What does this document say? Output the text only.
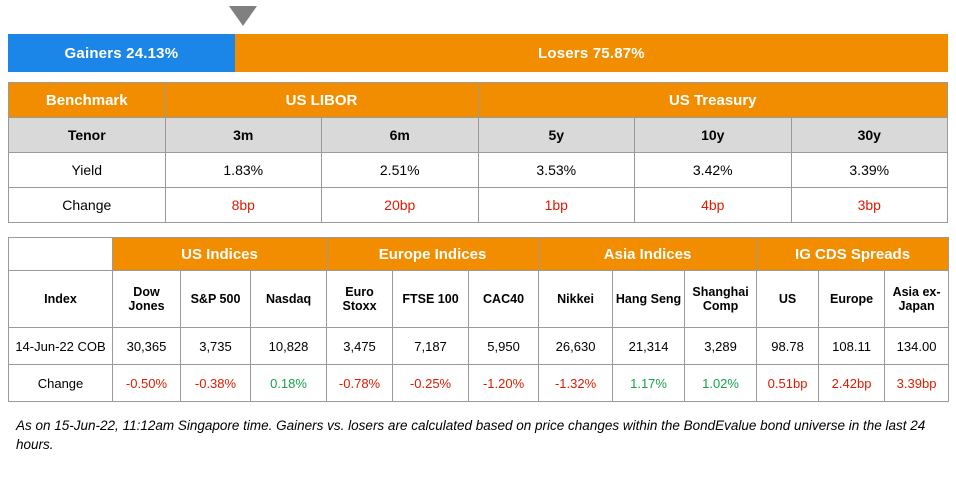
Gainers 24.13%	Losers 75.87%
Benchmark	US LIBOR		US Treasury		
Tenor	3m	6m	5y	10y	30y
Yield	1.83%	2.51%	3.53%	3.42%	3.39%
Change	8bp	20bp	1bp	4bp	3bp
	US Indices			Europe Indices			Asia Indices			IG CDS Spreads		
Index	Dow Jones	S&P 500	Nasdaq	Euro Stoxx	FTSE 100	CAC40	Nikkei	Hang Seng	Shanghai Comp	US	Europe	Asia ex-Japan
14-Jun-22 COB	30,365	3,735	10,828	3,475	7,187	5,950	26,630	21,314	3,289	98.78	108.11	134.00
Change	-0.50%	-0.38%	0.18%	-0.78%	-0.25%	-1.20%	-1.32%	1.17%	1.02%	0.51bp	2.42bp	3.39bp
As on 15-Jun-22, 11:12am Singapore time. Gainers vs. losers are calculated based on price changes within the BondEvalue bond universe in the last 24 hours.
